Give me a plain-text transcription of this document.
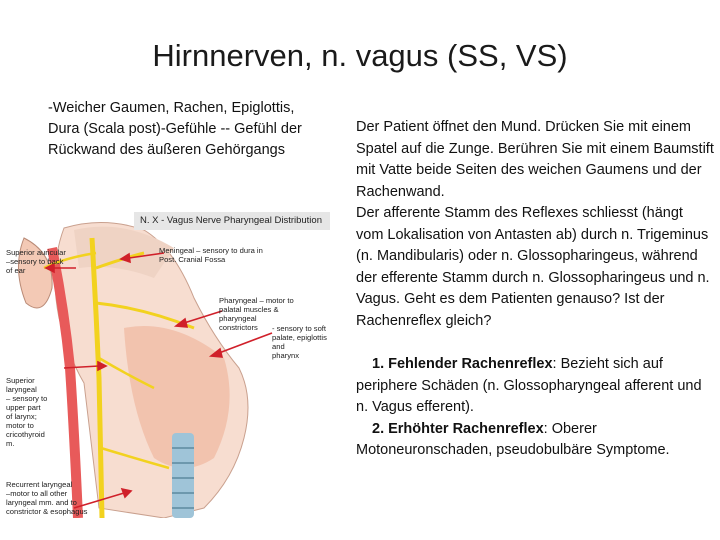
Hirnnerven, n. vagus (SS, VS)
-Weicher Gaumen, Rachen, Epiglottis, Dura (Scala post)-Gefühle -- Gefühl der Rückwand des äußeren Gehörgangs
N. X - Vagus Nerve Pharyngeal Distribution
Superior auricular
–sensory to back
of ear
Meningeal – sensory to dura in
Post. Cranial Fossa
Pharyngeal – motor to
palatal muscles &
pharyngeal
constrictors	- sensory to soft
palate, epiglottis and
pharynx
Superior
laryngeal
– sensory to
upper part
of larynx;
motor to
cricothyroid
m.
Recurrent laryngeal
–motor to all other
laryngeal mm. and to
constrictor & esophagus

Der Patient öffnet den Mund. Drücken Sie mit einem Spatel auf die Zunge. Berühren Sie mit einem Baumstift mit Vatte beide Seiten des weichen Gaumens und der Rachenwand.

Der afferente Stamm des Reflexes schliesst (hängt vom Lokalisation von Antasten ab) durch n. Trigeminus (n. Mandibularis) oder n. Glossopharingeus, während der efferente Stamm durch n. Glossopharingeus und n. Vagus. Geht es dem Patienten genauso? Ist der Rachenreflex gleich?

1. Fehlender Rachenreflex: Bezieht sich auf periphere Schäden (n. Glossopharyngeal afferent und n. Vagus efferent).

2. Erhöhter Rachenreflex: Oberer Motoneuronschaden, pseudobulbäre Symptome.
